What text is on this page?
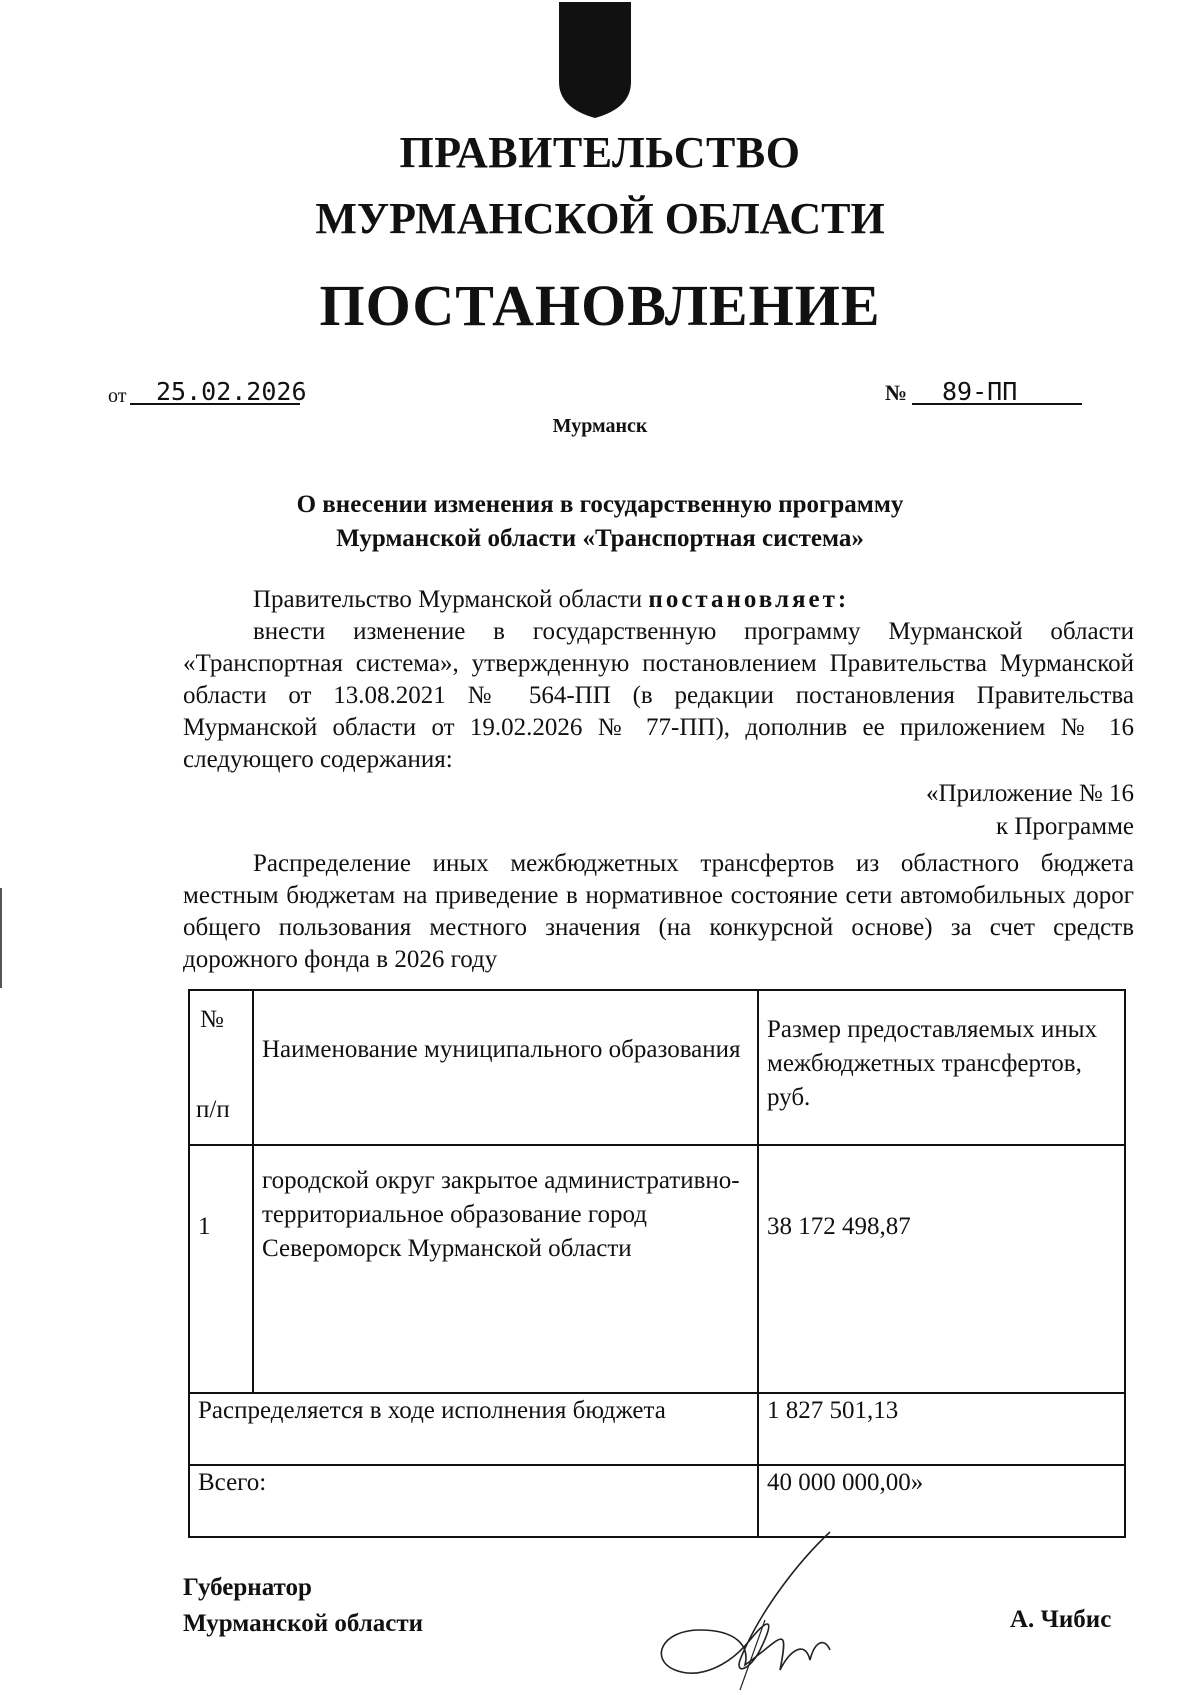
ПРАВИТЕЛЬСТВО
МУРМАНСКОЙ ОБЛАСТИ
ПОСТАНОВЛЕНИЕ
от	25.02.2026	№	89-ПП
Мурманск
О внесении изменения в государственную программу
Мурманской области «Транспортная система»
Правительство Мурманской области постановляет:
внести изменение в государственную программу Мурманской области «Транспортная система», утвержденную постановлением Правительства Мурманской области от 13.08.2021 № 564-ПП (в редакции постановления Правительства Мурманской области от 19.02.2026 № 77-ПП), дополнив ее приложением № 16 следующего содержания:
«Приложение № 16
к Программе
Распределение иных межбюджетных трансфертов из областного бюджета местным бюджетам на приведение в нормативное состояние сети автомобильных дорог общего пользования местного значения (на конкурсной основе) за счет средств дорожного фонда в 2026 году
№
п/п	Наименование муниципального образования	Размер предоставляемых иных межбюджетных трансфертов, руб.
1	городской округ закрытое административно-территориальное образование город Североморск Мурманской области	38 172 498,87
Распределяется в ходе исполнения бюджета		1 827 501,13
Всего:		40 000 000,00»
Губернатор
Мурманской области	А. Чибис
